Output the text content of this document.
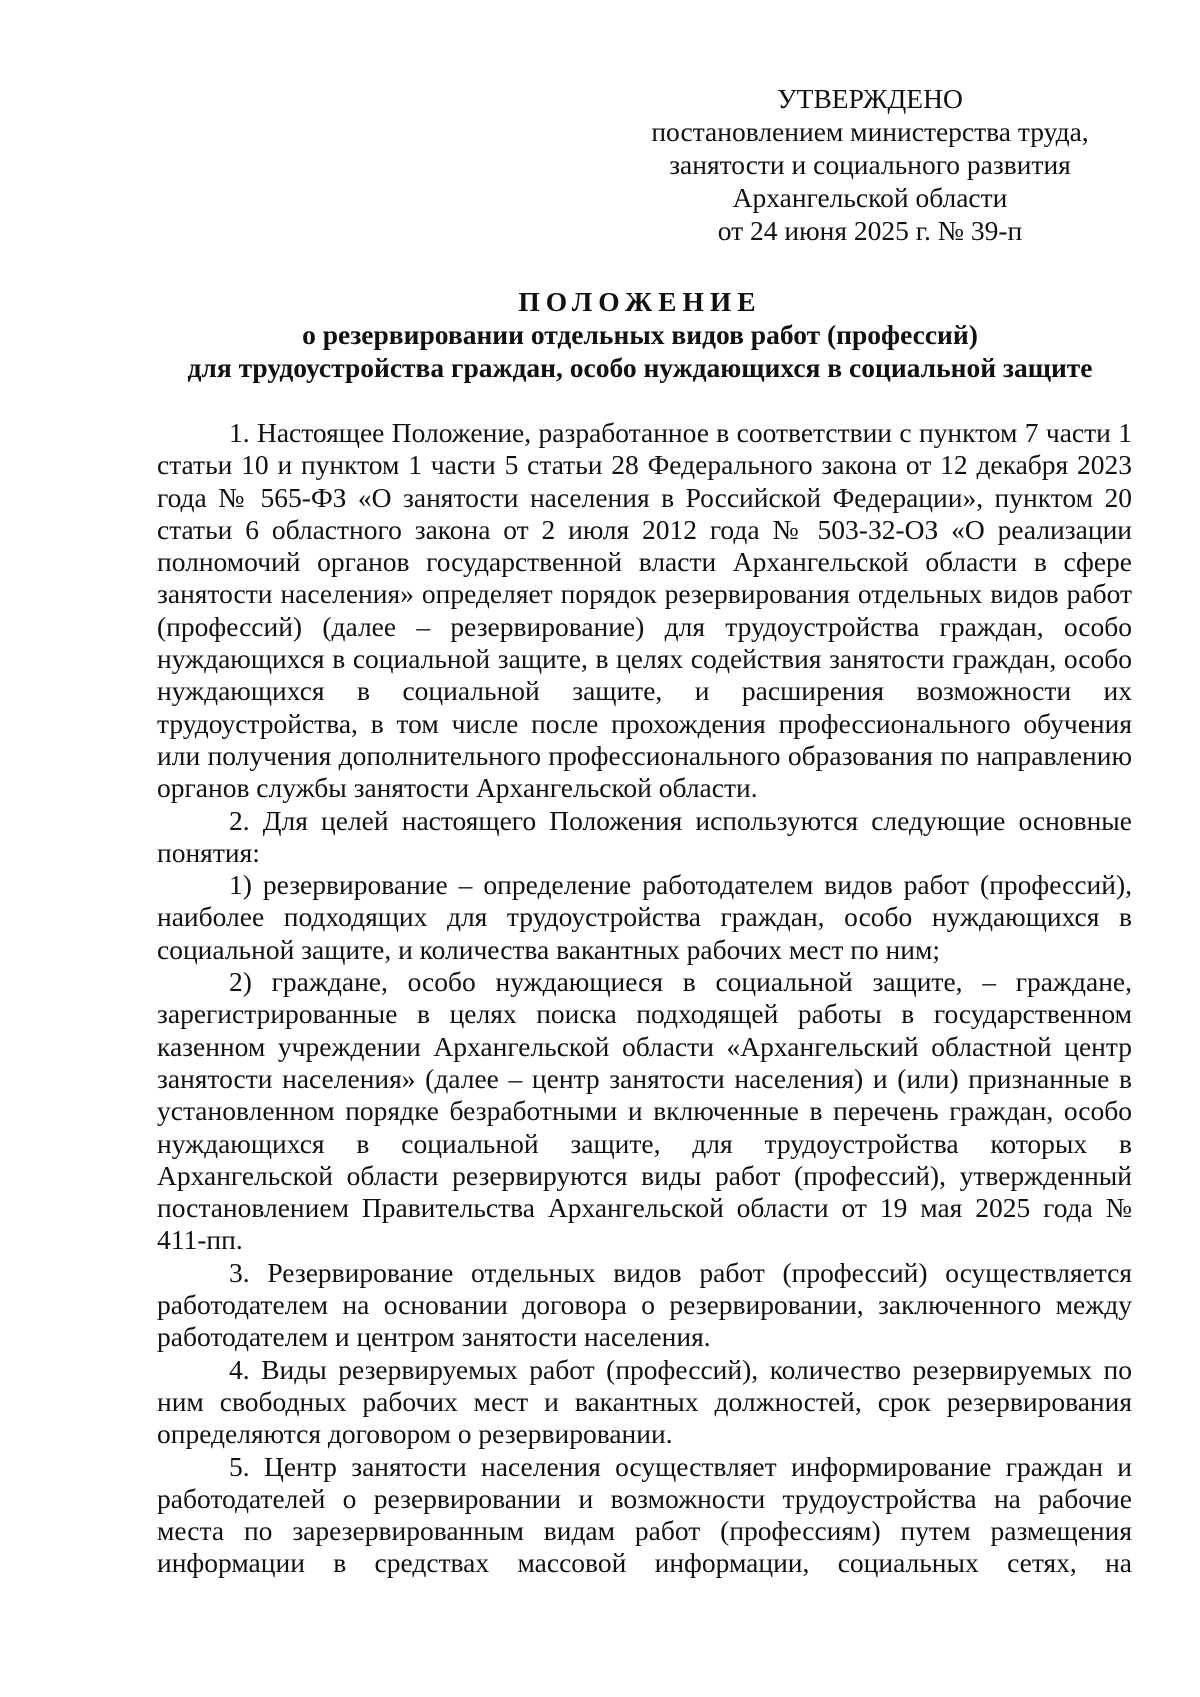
УТВЕРЖДЕНО
постановлением министерства труда,
занятости и социального развития
Архангельской области
от 24 июня 2025 г. № 39-п
ПОЛОЖЕНИЕ
о резервировании отдельных видов работ (профессий)
для трудоустройства граждан, особо нуждающихся в социальной защите

1. Настоящее Положение, разработанное в соответствии с пунктом 7 части 1 статьи 10 и пунктом 1 части 5 статьи 28 Федерального закона от 12 декабря 2023 года № 565-ФЗ «О занятости населения в Российской Федерации», пунктом 20 статьи 6 областного закона от 2 июля 2012 года № 503-32-ОЗ «О реализации полномочий органов государственной власти Архангельской области в сфере занятости населения» определяет порядок резервирования отдельных видов работ (профессий) (далее – резервирование) для трудоустройства граждан, особо нуждающихся в социальной защите, в целях содействия занятости граждан, особо нуждающихся в социальной защите, и расширения возможности их трудоустройства, в том числе после прохождения профессионального обучения или получения дополнительного профессионального образования по направлению органов службы занятости Архангельской области.

2. Для целей настоящего Положения используются следующие основные понятия:

1) резервирование – определение работодателем видов работ (профессий), наиболее подходящих для трудоустройства граждан, особо нуждающихся в социальной защите, и количества вакантных рабочих мест по ним;

2) граждане, особо нуждающиеся в социальной защите, – граждане, зарегистрированные в целях поиска подходящей работы в государственном казенном учреждении Архангельской области «Архангельский областной центр занятости населения» (далее – центр занятости населения) и (или) признанные в установленном порядке безработными и включенные в перечень граждан, особо нуждающихся в социальной защите, для трудоустройства которых в Архангельской области резервируются виды работ (профессий), утвержденный постановлением Правительства Архангельской области от 19 мая 2025 года № 411-пп.

3. Резервирование отдельных видов работ (профессий) осуществляется работодателем на основании договора о резервировании, заключенного между работодателем и центром занятости населения.

4. Виды резервируемых работ (профессий), количество резервируемых по ним свободных рабочих мест и вакантных должностей, срок резервирования определяются договором о резервировании.

5. Центр занятости населения осуществляет информирование граждан и работодателей о резервировании и возможности трудоустройства на рабочие места по зарезервированным видам работ (профессиям) путем размещения информации в средствах массовой информации, социальных сетях, на
